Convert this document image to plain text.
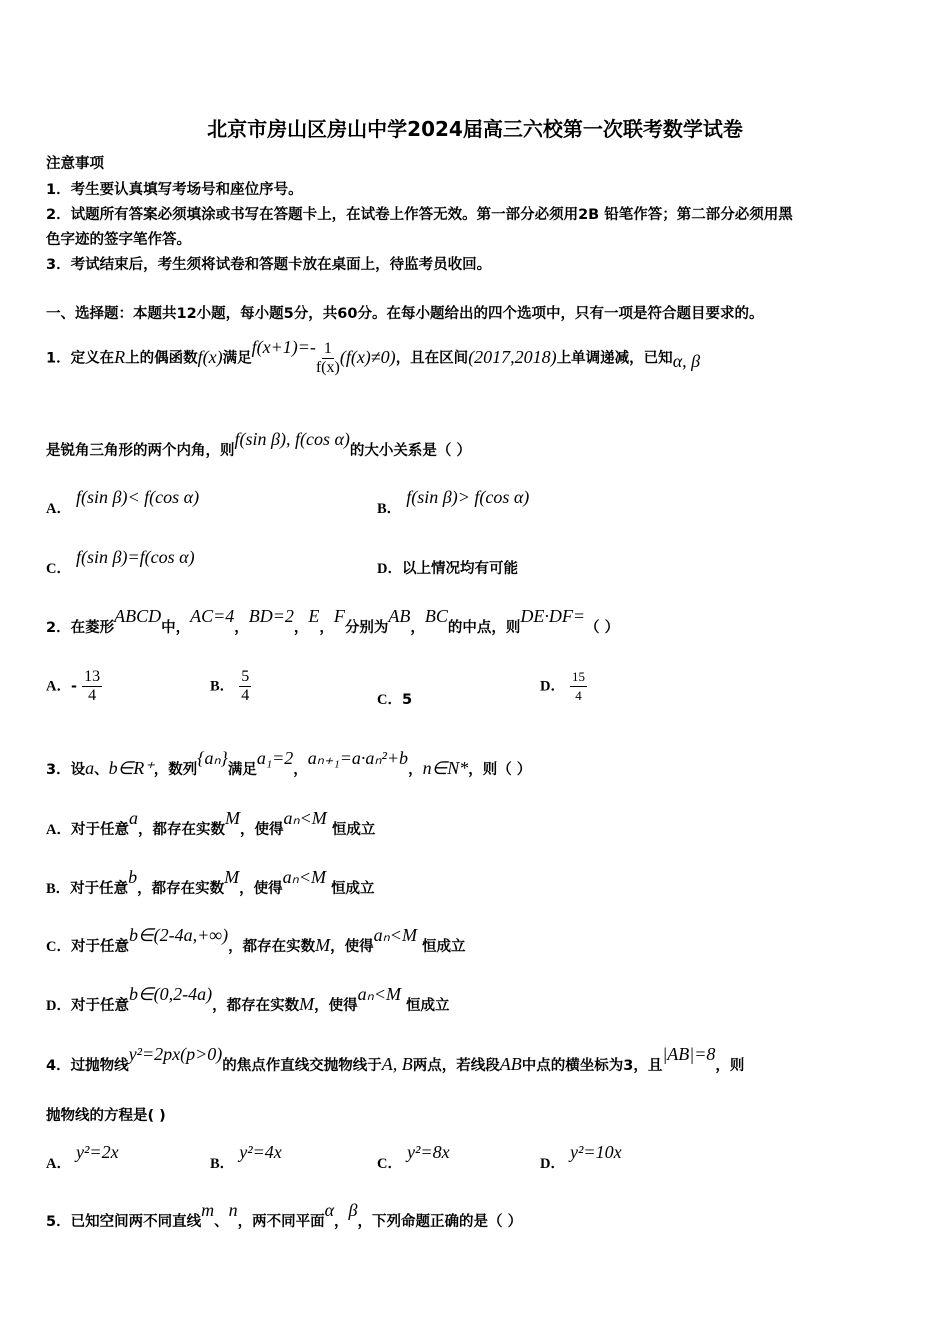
北京市房山区房山中学2024届高三六校第一次联考数学试卷
注意事项
1．考生要认真填写考场号和座位序号。
2．试题所有答案必须填涂或书写在答题卡上，在试卷上作答无效。第一部分必须用2B 铅笔作答；第二部分必须用黑
色字迹的签字笔作答。
3．考试结束后，考生须将试卷和答题卡放在桌面上，待监考员收回。
一、选择题：本题共12小题，每小题5分，共60分。在每小题给出的四个选项中，只有一项是符合题目要求的。
1．定义在R上的偶函数f(x)满足$f(x+1)=- \frac{1}{f(x)} (f(x)\ne 0)$，且在区间(2017,2018)上单调递减，已知α, β
是锐角三角形的两个内角，则f(sin β), f(cos α)的大小关系是（ ）
A． f(sin β)< f(cos α)
B． f(sin β)> f(cos α)
C． f(sin β)=f(cos α)
D．以上情况均有可能
2．在菱形ABCD中，AC=4，BD=2，E，F分别为AB，BC的中点，则DE·DF=（ ）
A．- $\frac{13}{4}$	B． $\frac{5}{4}$	C．5
D． $\frac{15}{4}$
3．设a、b∈R⁺，数列{aₙ}满足a₁=2，aₙ₊₁=a·aₙ²+b，n∈N*，则（ ）
A．对于任意a，都存在实数M，使得aₙ<M 恒成立
B．对于任意b，都存在实数M，使得aₙ<M 恒成立
C．对于任意b∈(2-4a,+∞)，都存在实数M，使得aₙ<M 恒成立
D．对于任意b∈(0,2-4a)，都存在实数M，使得aₙ<M 恒成立
4．过抛物线y²=2px(p>0)的焦点作直线交抛物线于A, B两点，若线段AB中点的横坐标为3，且|AB|=8，则
抛物线的方程是( )
A． y²=2x
B． y²=4x
C． y²=8x
D． y²=10x
5．已知空间两不同直线m、n，两不同平面α，β，下列命题正确的是（ ）
